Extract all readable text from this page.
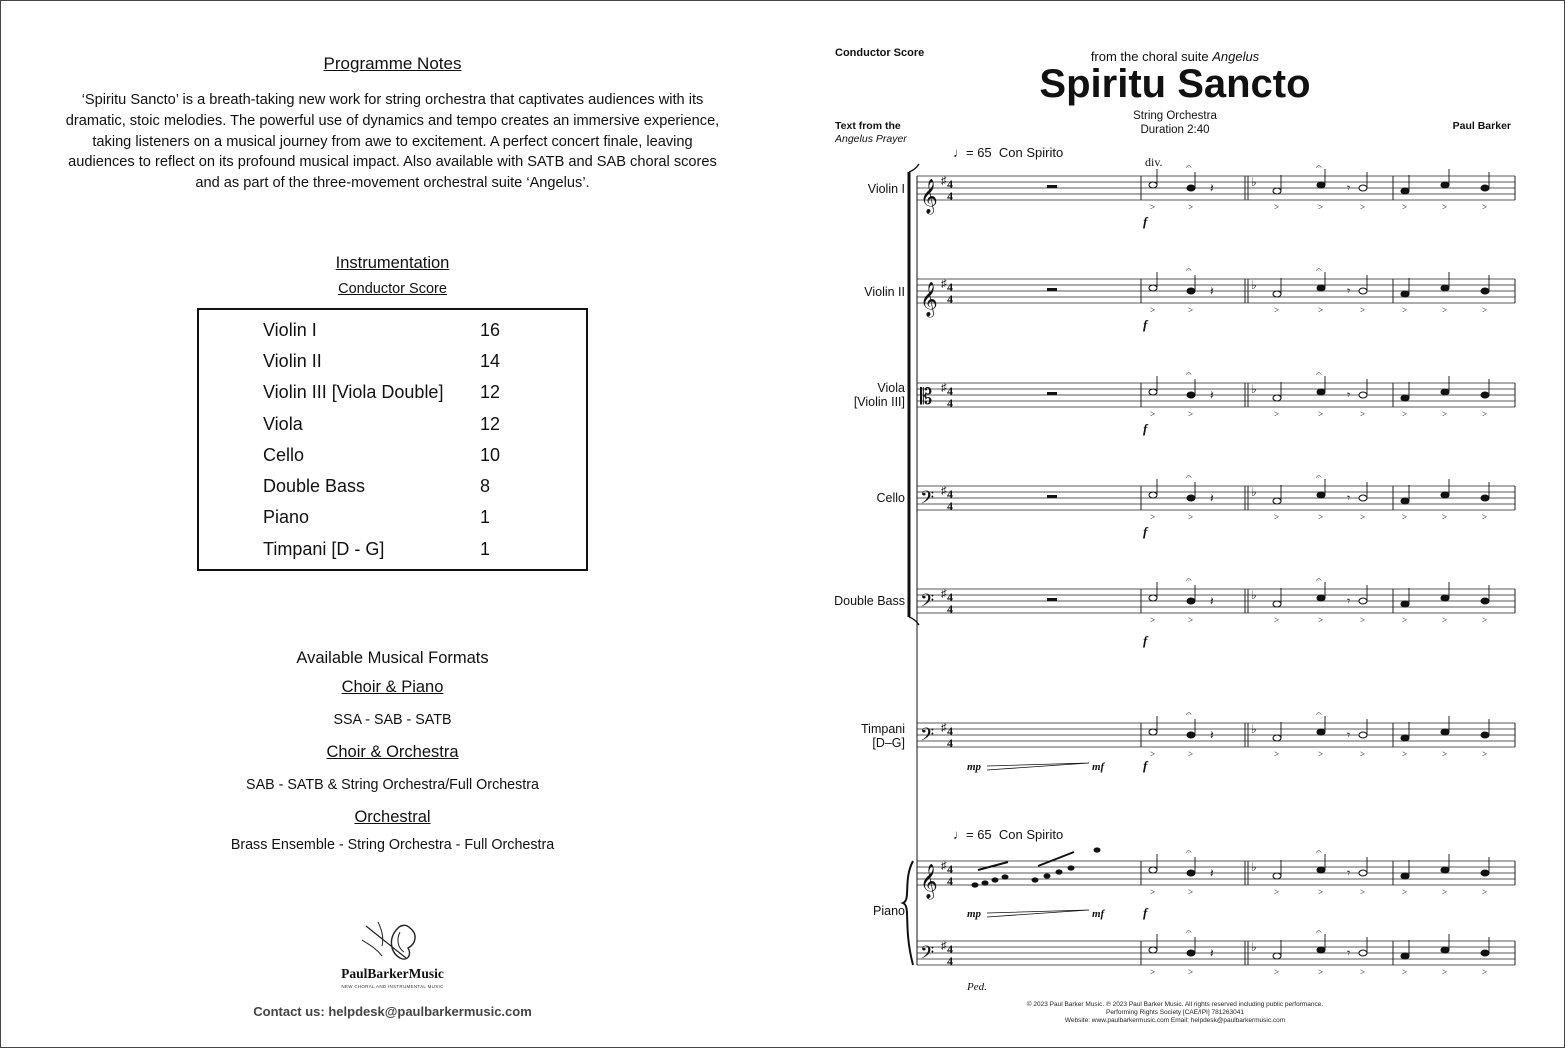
Programme Notes
‘Spiritu Sancto’ is a breath-taking new work for string orchestra that captivates audiences with its
dramatic, stoic melodies. The powerful use of dynamics and tempo creates an immersive experience,
taking listeners on a musical journey from awe to excitement. A perfect concert finale, leaving
audiences to reflect on its profound musical impact. Also available with SATB and SAB choral scores
and as part of the three-movement orchestral suite ‘Angelus’.
Instrumentation
Conductor Score
Violin I	16
Violin II	14
Violin III [Viola Double] 12
Viola	12
Cello	10
Double Bass	8
Piano	1
Timpani [D - G]	1
Available Musical Formats
Choir & Piano
SSA - SAB - SATB
Choir & Orchestra
SAB - SATB & String Orchestra/Full Orchestra
Orchestral
Brass Ensemble - String Orchestra - Full Orchestra
PaulBarkerMusic
NEW CHORAL AND INSTRUMENTAL MUSIC
Contact us: helpdesk@paulbarkermusic.com
Conductor Score	from the choral suite Angelus
Spiritu Sancto
String Orchestra
Duration 2:40
Text from the
Angelus Prayer
Paul Barker
Violin I
Violin II
Viola
[Violin III]
Cello
Double Bass
Timpani
[D–G]
Piano
♩= 65 Con Spirito
♩= 65 Con Spirito
div.
𝄞 ♯ 4
4
♭
>
𝄐
>	>
𝄐
>	>	>	>	>
𝄽	𝄾
f
𝄞 ♯ 4
4
♭
>
𝄐
>	>
𝄐
>	>	>	>	>
𝄽	𝄾
f
𝄡 ♯ 4
4
♭
>
𝄐
>	>
𝄐
>	>	>	>	>
𝄽	𝄾
f
𝄢 ♯ 4
4
♭
>
𝄐
>	>
𝄐
>	>	>	>	>
𝄽	𝄾
f
𝄢 ♯ 4
4
♭
>
𝄐
>	>
𝄐
>	>	>	>	>
𝄽	𝄾
f
𝄢 ♯ 4
4
♭
>
𝄐
>	>
𝄐
>	>	>	>	>
𝄽	𝄾
𝄞 ♯ 4
4
♭
>
𝄐
>	>
𝄐
>	>	>	>	>
𝄽	𝄾
𝄢 ♯ 4
4
♭
>
𝄐
>	>
𝄐
>	>	>	>	>
𝄽	𝄾
mp	mf	f
mp	mf	f
Ped.
© 2023 Paul Barker Music. ℗ 2023 Paul Barker Music. All rights reserved including public performance.
Performing Rights Society [CAE/IPI] 781263041
Website: www.paulbarkermusic.com Email: helpdesk@paulbarkermusic.com
